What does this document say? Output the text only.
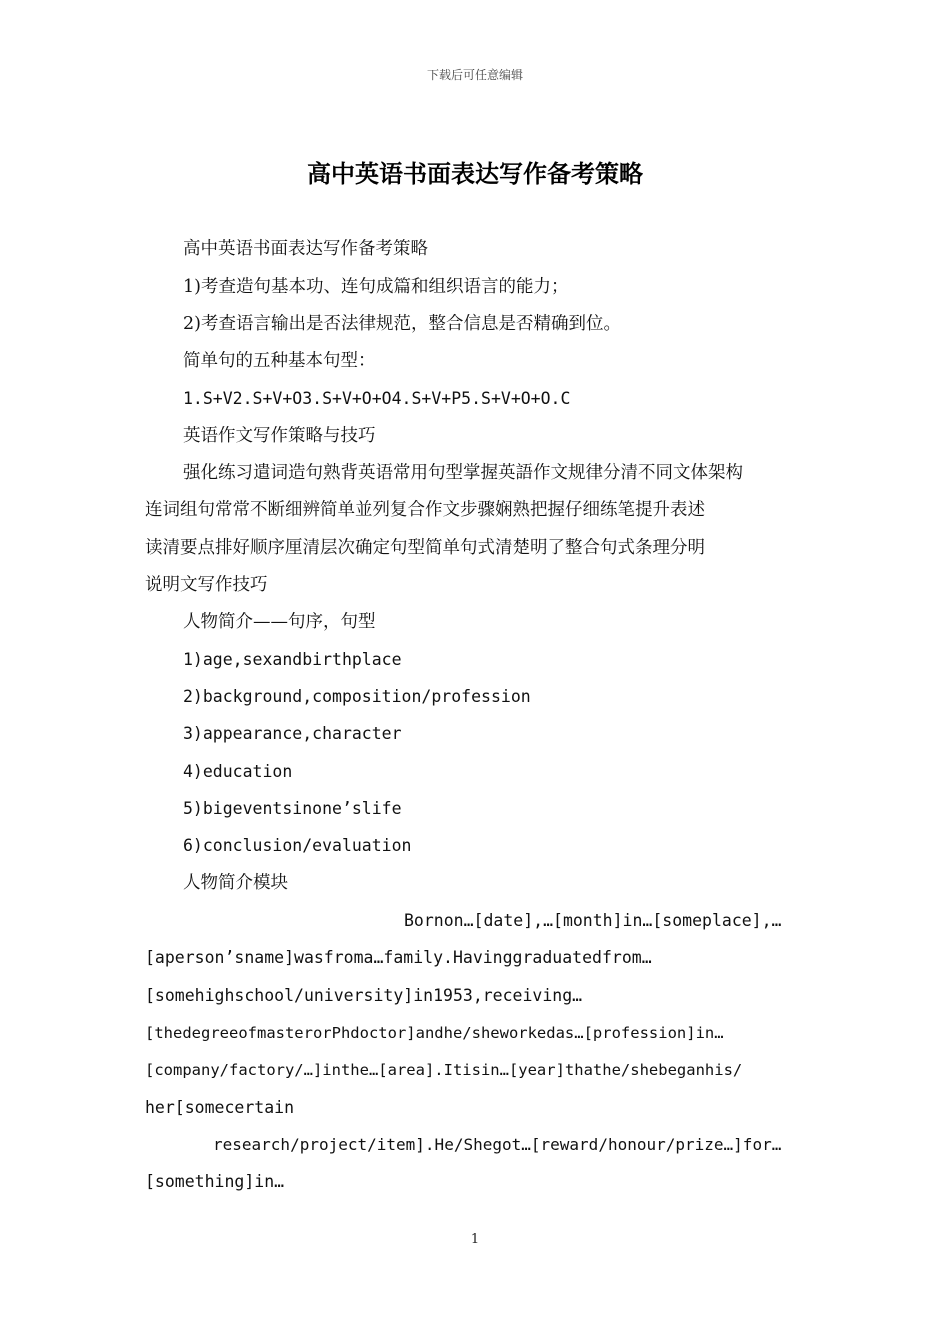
下载后可任意编辑
高中英语书面表达写作备考策略
高中英语书面表达写作备考策略
1)考查造句基本功、连句成篇和组织语言的能力；
2)考查语言输出是否法律规范，整合信息是否精确到位。
简单句的五种基本句型：
1.S+V2.S+V+O3.S+V+O+O4.S+V+P5.S+V+O+O.C
英语作文写作策略与技巧
强化练习遣词造句熟背英语常用句型掌握英語作文规律分清不同文体架构
连词组句常常不断细辨简单並列复合作文步骤娴熟把握仔细练笔提升表述
读清要点排好顺序厘清层次确定句型简单句式清楚明了整合句式条理分明
说明文写作技巧
人物简介——句序，句型
1)age,sexandbirthplace
2)background,composition/profession
3)appearance,character
4)education
5)bigeventsinone’slife
6)conclusion/evaluation
人物简介模块
Bornon…[date],…[month]in…[someplace],…
[aperson’sname]wasfroma…family.Havinggraduatedfrom…
[somehighschool/university]in1953,receiving…
[thedegreeofmasterorPhdoctor]andhe/sheworkedas…[profession]in…
[company/factory/…]inthe…[area].Itisin…[year]thathe/shebeganhis/
her[somecertain
research/project/item].He/Shegot…[reward/honour/prize…]for…
[something]in…
1
